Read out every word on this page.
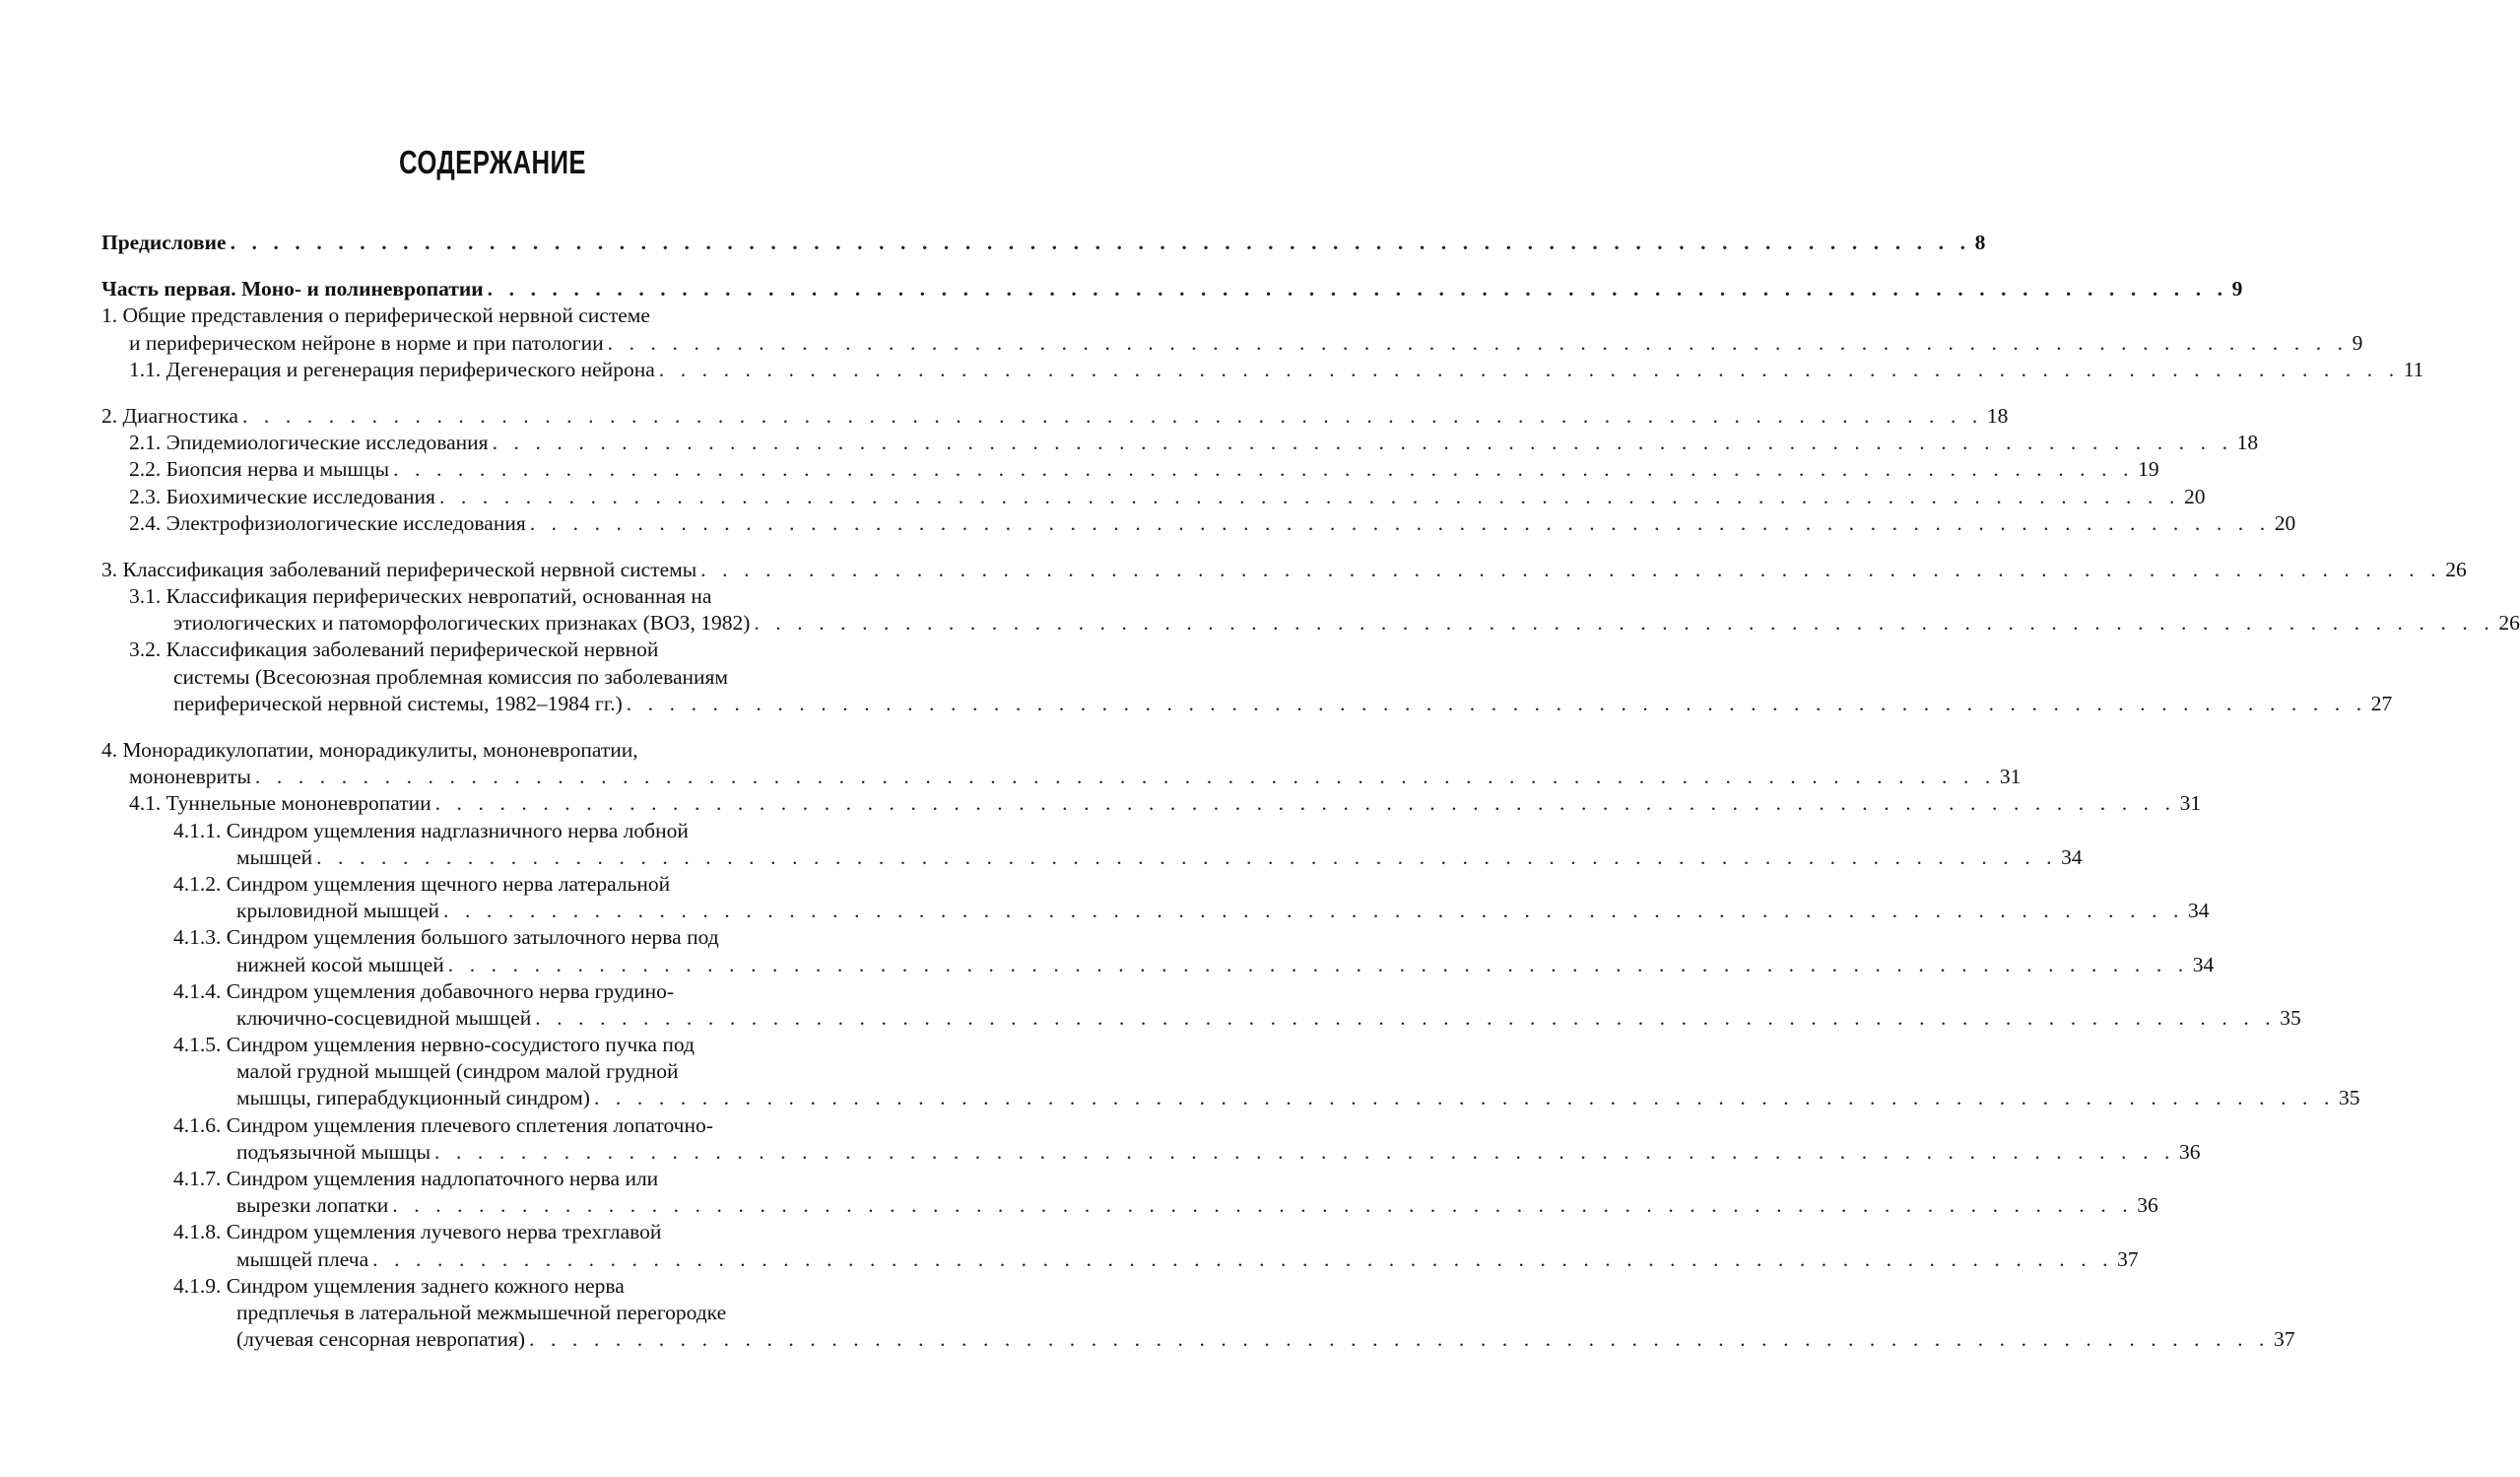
СОДЕРЖАНИЕ
Предисловие . . . . . . . . . . . . . . . . . . . . . . . . . . . . . . . . . . . . . . . . . . . . . . . . . . . . . . . . . . . . . . . . . . . . . . . . . . . . . . . . . 8
Часть первая. Моно- и полиневропатии . . . . . . . . . . . . . . . . . . . . . . . . . . . . . . . . . . . . . . . . . . . . . . . . . . . . . . . . . . . . . . . . . . . . . . . . . . . . . . . . . 9
1. Общие представления о периферической нервной системе
и периферическом нейроне в норме и при патологии . . . . . . . . . . . . . . . . . . . . . . . . . . . . . . . . . . . . . . . . . . . . . . . . . . . . . . . . . . . . . . . . . . . . . . . . . . . . . . . . . 9
1.1. Дегенерация и регенерация периферического нейрона . . . . . . . . . . . . . . . . . . . . . . . . . . . . . . . . . . . . . . . . . . . . . . . . . . . . . . . . . . . . . . . . . . . . . . . . . . . . . . . . . 11
2. Диагностика . . . . . . . . . . . . . . . . . . . . . . . . . . . . . . . . . . . . . . . . . . . . . . . . . . . . . . . . . . . . . . . . . . . . . . . . . . . . . . . . . 18
2.1. Эпидемиологические исследования . . . . . . . . . . . . . . . . . . . . . . . . . . . . . . . . . . . . . . . . . . . . . . . . . . . . . . . . . . . . . . . . . . . . . . . . . . . . . . . . . 18
2.2. Биопсия нерва и мышцы . . . . . . . . . . . . . . . . . . . . . . . . . . . . . . . . . . . . . . . . . . . . . . . . . . . . . . . . . . . . . . . . . . . . . . . . . . . . . . . . . 19
2.3. Биохимические исследования . . . . . . . . . . . . . . . . . . . . . . . . . . . . . . . . . . . . . . . . . . . . . . . . . . . . . . . . . . . . . . . . . . . . . . . . . . . . . . . . . 20
2.4. Электрофизиологические исследования . . . . . . . . . . . . . . . . . . . . . . . . . . . . . . . . . . . . . . . . . . . . . . . . . . . . . . . . . . . . . . . . . . . . . . . . . . . . . . . . . 20
3. Классификация заболеваний периферической нервной системы . . . . . . . . . . . . . . . . . . . . . . . . . . . . . . . . . . . . . . . . . . . . . . . . . . . . . . . . . . . . . . . . . . . . . . . . . . . . . . . . . 26
3.1. Классификация периферических невропатий, основанная на
этиологических и патоморфологических признаках (ВОЗ, 1982) . . . . . . . . . . . . . . . . . . . . . . . . . . . . . . . . . . . . . . . . . . . . . . . . . . . . . . . . . . . . . . . . . . . . . . . . . . . . . . . . . 26
3.2. Классификация заболеваний периферической нервной
системы (Всесоюзная проблемная комиссия по заболеваниям
периферической нервной системы, 1982–1984 гг.) . . . . . . . . . . . . . . . . . . . . . . . . . . . . . . . . . . . . . . . . . . . . . . . . . . . . . . . . . . . . . . . . . . . . . . . . . . . . . . . . . 27
4. Монорадикулопатии, монорадикулиты, мононевропатии,
мононевриты . . . . . . . . . . . . . . . . . . . . . . . . . . . . . . . . . . . . . . . . . . . . . . . . . . . . . . . . . . . . . . . . . . . . . . . . . . . . . . . . . 31
4.1. Туннельные мононевропатии . . . . . . . . . . . . . . . . . . . . . . . . . . . . . . . . . . . . . . . . . . . . . . . . . . . . . . . . . . . . . . . . . . . . . . . . . . . . . . . . . 31
4.1.1. Синдром ущемления надглазничного нерва лобной
мышцей . . . . . . . . . . . . . . . . . . . . . . . . . . . . . . . . . . . . . . . . . . . . . . . . . . . . . . . . . . . . . . . . . . . . . . . . . . . . . . . . . 34
4.1.2. Синдром ущемления щечного нерва латеральной
крыловидной мышцей . . . . . . . . . . . . . . . . . . . . . . . . . . . . . . . . . . . . . . . . . . . . . . . . . . . . . . . . . . . . . . . . . . . . . . . . . . . . . . . . . 34
4.1.3. Синдром ущемления большого затылочного нерва под
нижней косой мышцей . . . . . . . . . . . . . . . . . . . . . . . . . . . . . . . . . . . . . . . . . . . . . . . . . . . . . . . . . . . . . . . . . . . . . . . . . . . . . . . . . 34
4.1.4. Синдром ущемления добавочного нерва грудино-
ключично-сосцевидной мышцей . . . . . . . . . . . . . . . . . . . . . . . . . . . . . . . . . . . . . . . . . . . . . . . . . . . . . . . . . . . . . . . . . . . . . . . . . . . . . . . . . 35
4.1.5. Синдром ущемления нервно-сосудистого пучка под
малой грудной мышцей (синдром малой грудной
мышцы, гиперабдукционный синдром) . . . . . . . . . . . . . . . . . . . . . . . . . . . . . . . . . . . . . . . . . . . . . . . . . . . . . . . . . . . . . . . . . . . . . . . . . . . . . . . . . 35
4.1.6. Синдром ущемления плечевого сплетения лопаточно-
подъязычной мышцы . . . . . . . . . . . . . . . . . . . . . . . . . . . . . . . . . . . . . . . . . . . . . . . . . . . . . . . . . . . . . . . . . . . . . . . . . . . . . . . . . 36
4.1.7. Синдром ущемления надлопаточного нерва или
вырезки лопатки . . . . . . . . . . . . . . . . . . . . . . . . . . . . . . . . . . . . . . . . . . . . . . . . . . . . . . . . . . . . . . . . . . . . . . . . . . . . . . . . . 36
4.1.8. Синдром ущемления лучевого нерва трехглавой
мышцей плеча . . . . . . . . . . . . . . . . . . . . . . . . . . . . . . . . . . . . . . . . . . . . . . . . . . . . . . . . . . . . . . . . . . . . . . . . . . . . . . . . . 37
4.1.9. Синдром ущемления заднего кожного нерва
предплечья в латеральной межмышечной перегородке
(лучевая сенсорная невропатия) . . . . . . . . . . . . . . . . . . . . . . . . . . . . . . . . . . . . . . . . . . . . . . . . . . . . . . . . . . . . . . . . . . . . . . . . . . . . . . . . . 37
